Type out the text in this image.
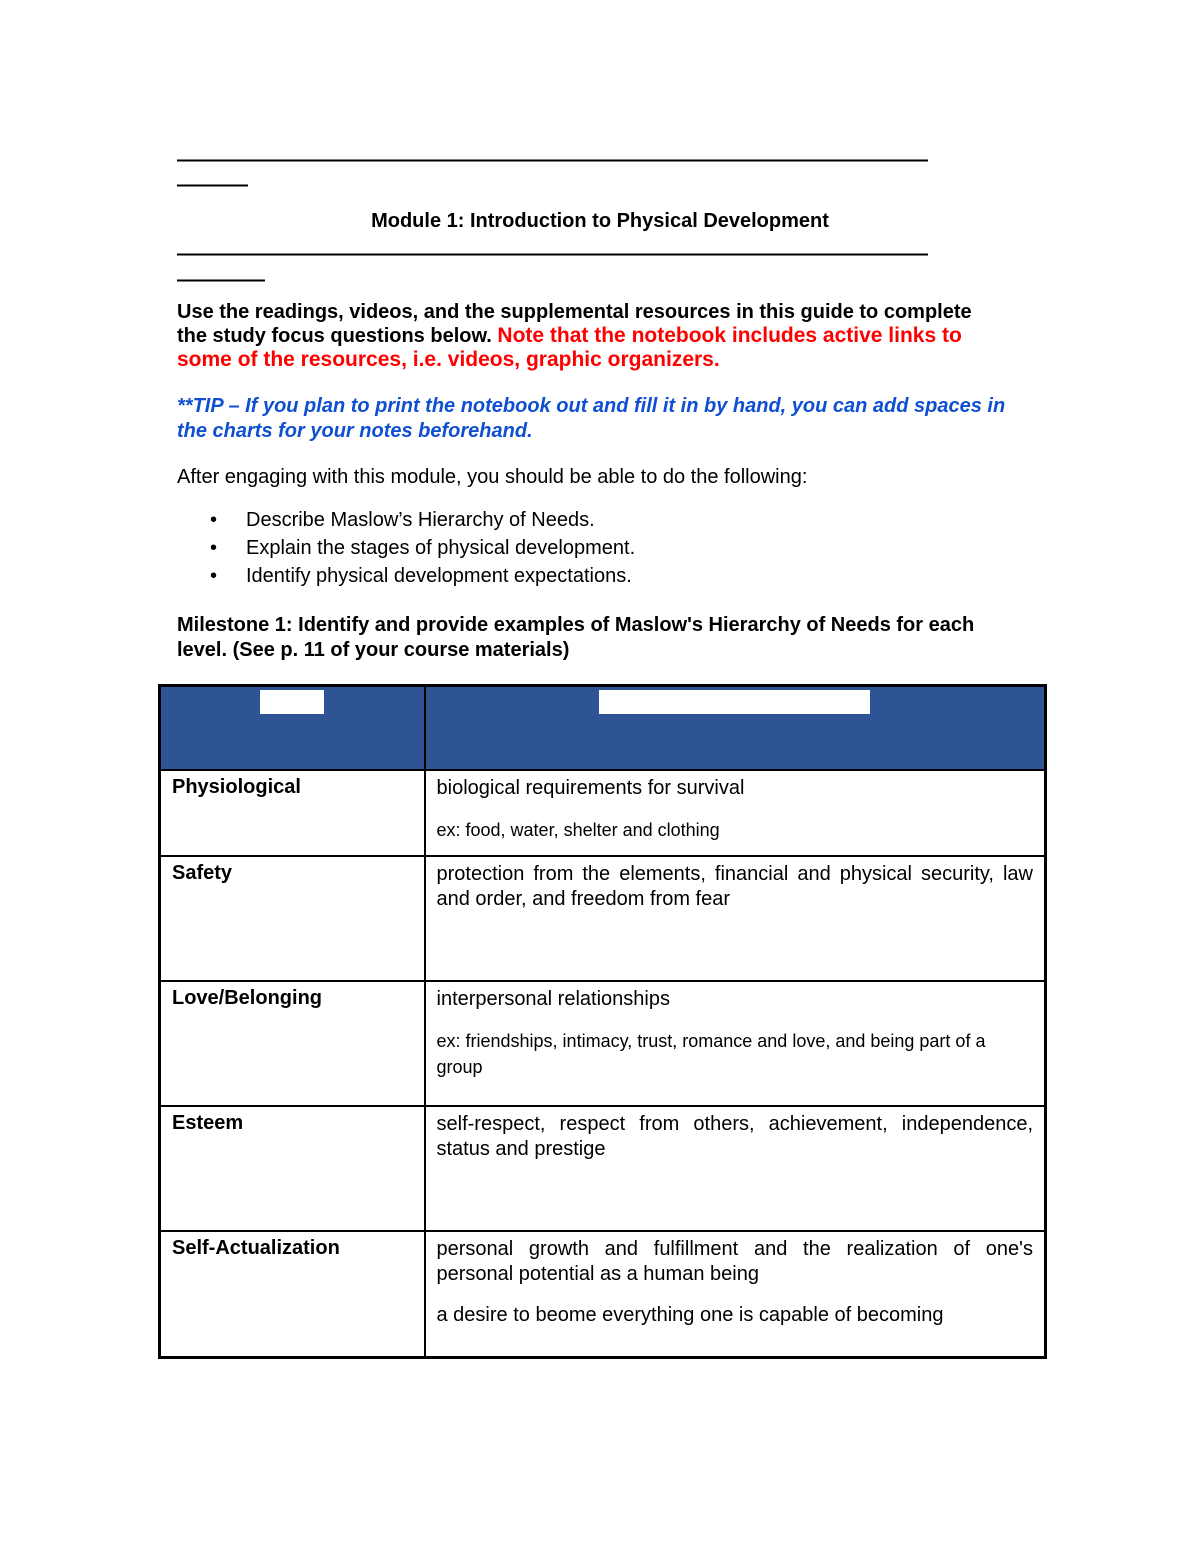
————————————————————————————————————————————
————
Module 1: Introduction to Physical Development
————————————————————————————————————————————
—————
Use the readings, videos, and the supplemental resources in this guide to complete the study focus questions below. Note that the notebook includes active links to some of the resources, i.e. videos, graphic organizers.
**TIP – If you plan to print the notebook out and fill it in by hand, you can add spaces in the charts for your notes beforehand.
After engaging with this module, you should be able to do the following:
• Describe Maslow’s Hierarchy of Needs.
• Explain the stages of physical development.
• Identify physical development expectations.
Milestone 1: Identify and provide examples of Maslow's Hierarchy of Needs for each level. (See p. 11 of your course materials)

Physiological	biological requirements for survival

ex: food, water, shelter and clothing

Safety	protection from the elements, financial and physical security, law and order, and freedom from fear

Love/Belonging	interpersonal relationships

ex: friendships, intimacy, trust, romance and love, and being part of a group

Esteem	self-respect, respect from others, achievement, independence, status and prestige

Self-Actualization	personal growth and fulfillment and the realization of one's personal potential as a human being

a desire to beome everything one is capable of becoming
